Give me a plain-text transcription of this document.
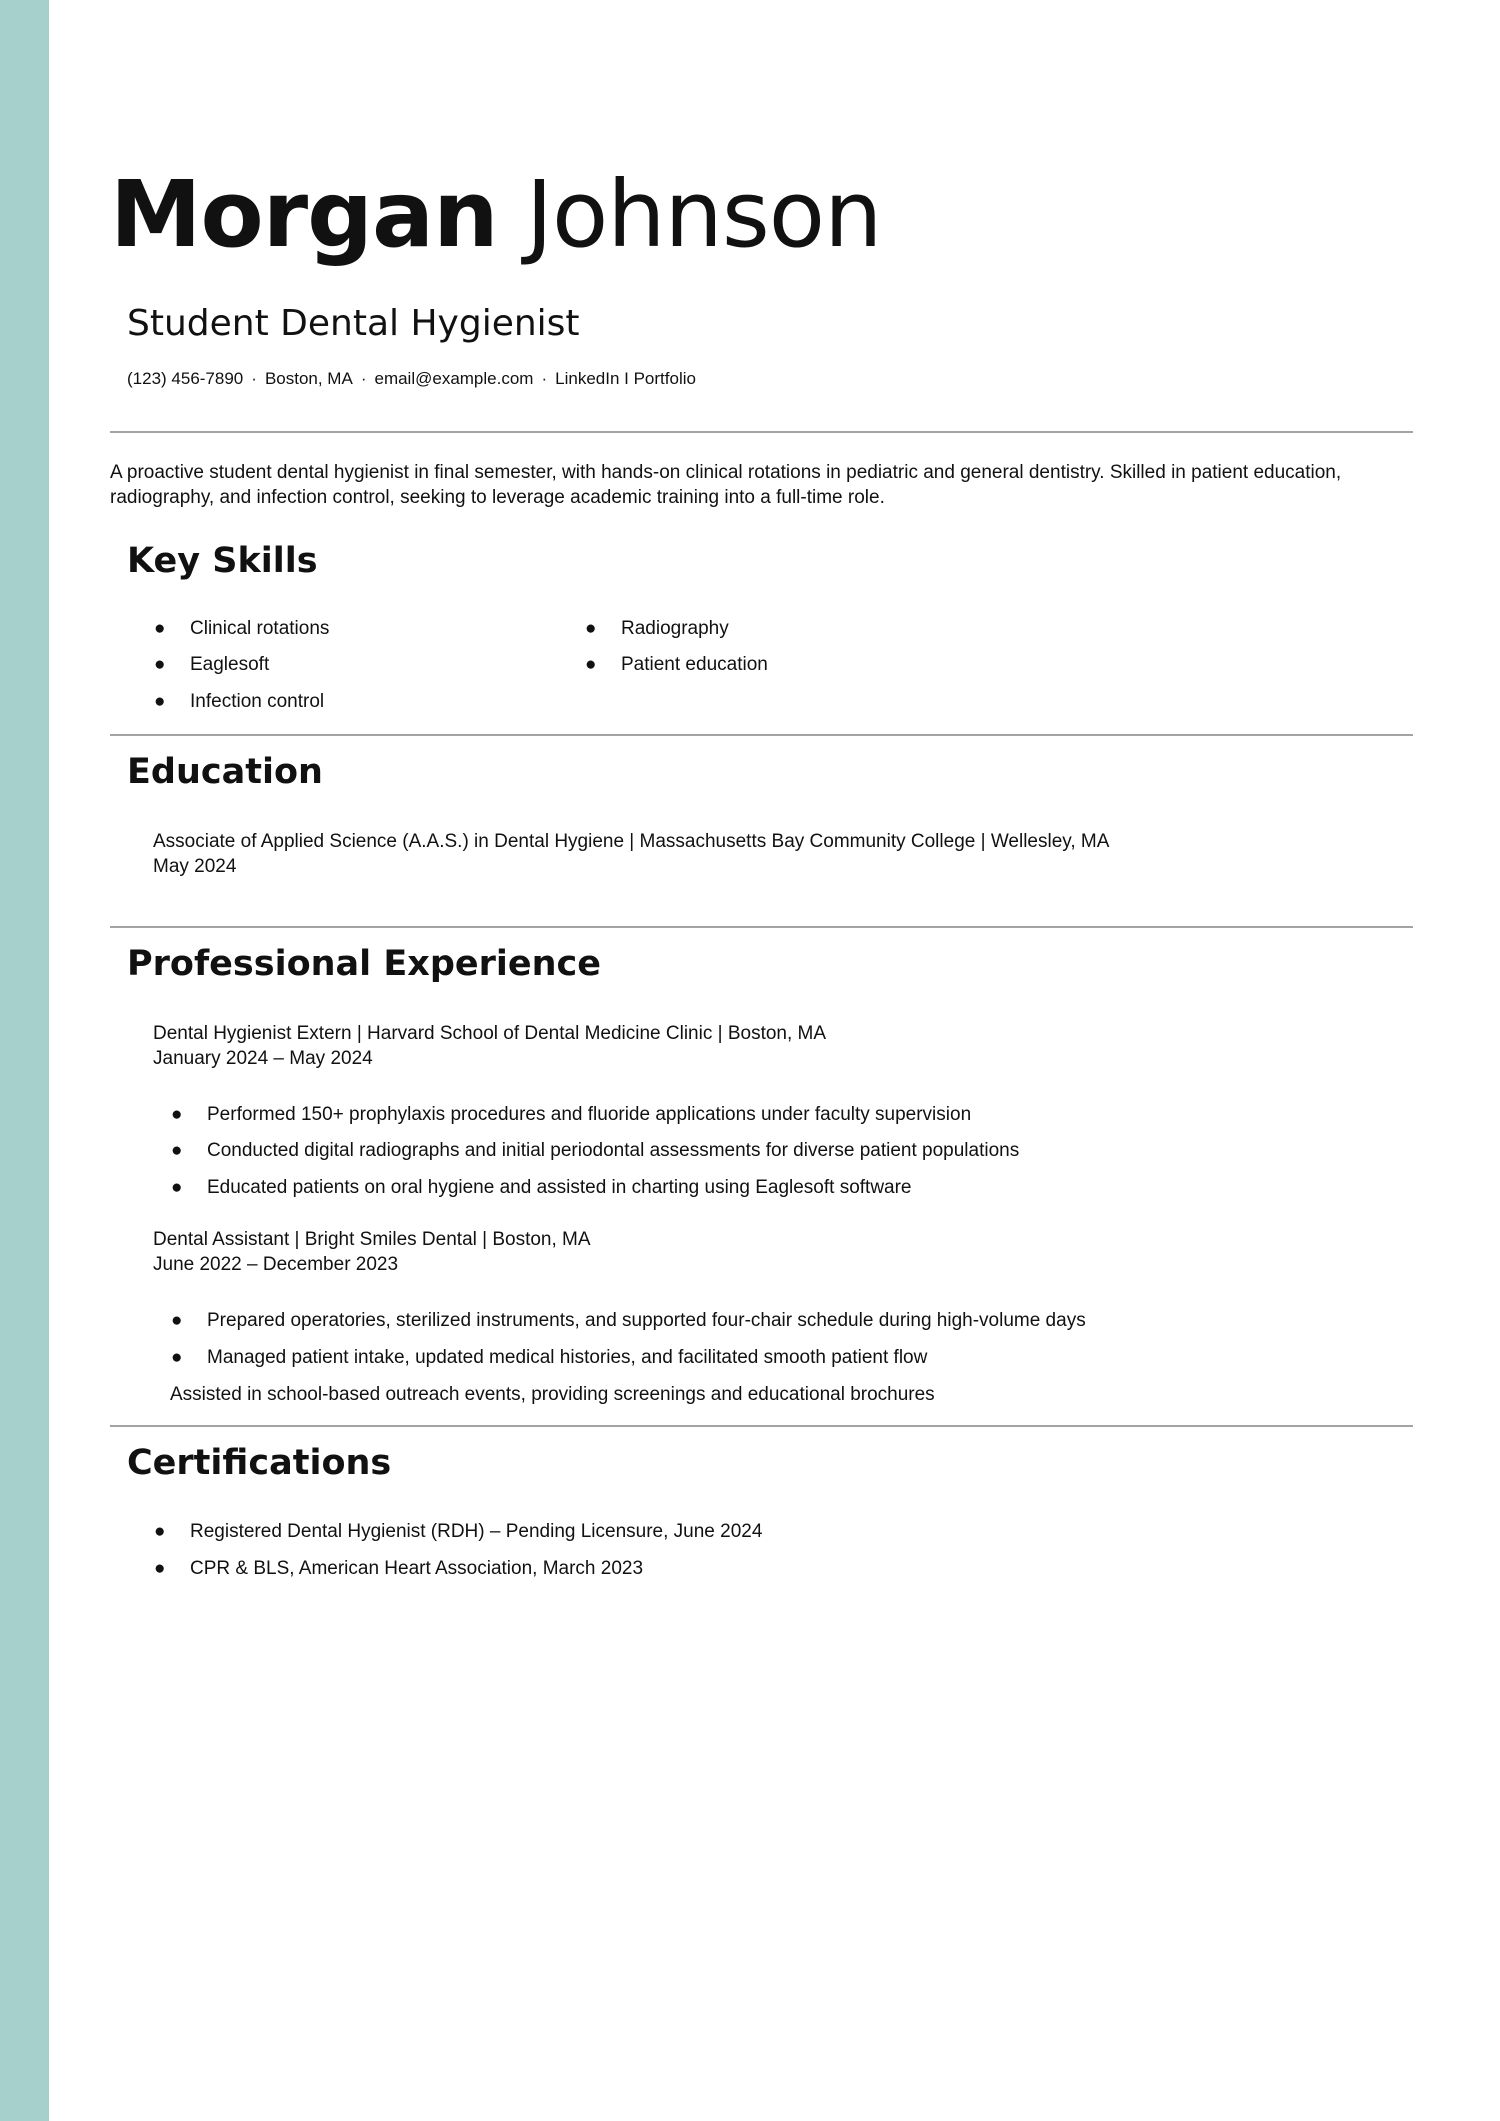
Morgan Johnson
Student Dental Hygienist
(123) 456-7890 · Boston, MA · email@example.com · LinkedIn I Portfolio
A proactive student dental hygienist in final semester, with hands-on clinical rotations in pediatric and general dentistry. Skilled in patient education, radiography, and infection control, seeking to leverage academic training into a full-time role.
Key Skills
● Clinical rotations
● Eaglesoft
● Infection control
● Radiography
● Patient education
Education
Associate of Applied Science (A.A.S.) in Dental Hygiene | Massachusetts Bay Community College | Wellesley, MA
May 2024
Professional Experience
Dental Hygienist Extern | Harvard School of Dental Medicine Clinic | Boston, MA
January 2024 – May 2024
● Performed 150+ prophylaxis procedures and fluoride applications under faculty supervision
● Conducted digital radiographs and initial periodontal assessments for diverse patient populations
● Educated patients on oral hygiene and assisted in charting using Eaglesoft software
Dental Assistant | Bright Smiles Dental | Boston, MA
June 2022 – December 2023
● Prepared operatories, sterilized instruments, and supported four-chair schedule during high-volume days
● Managed patient intake, updated medical histories, and facilitated smooth patient flow
Assisted in school-based outreach events, providing screenings and educational brochures
Certifications
● Registered Dental Hygienist (RDH) – Pending Licensure, June 2024
● CPR & BLS, American Heart Association, March 2023
